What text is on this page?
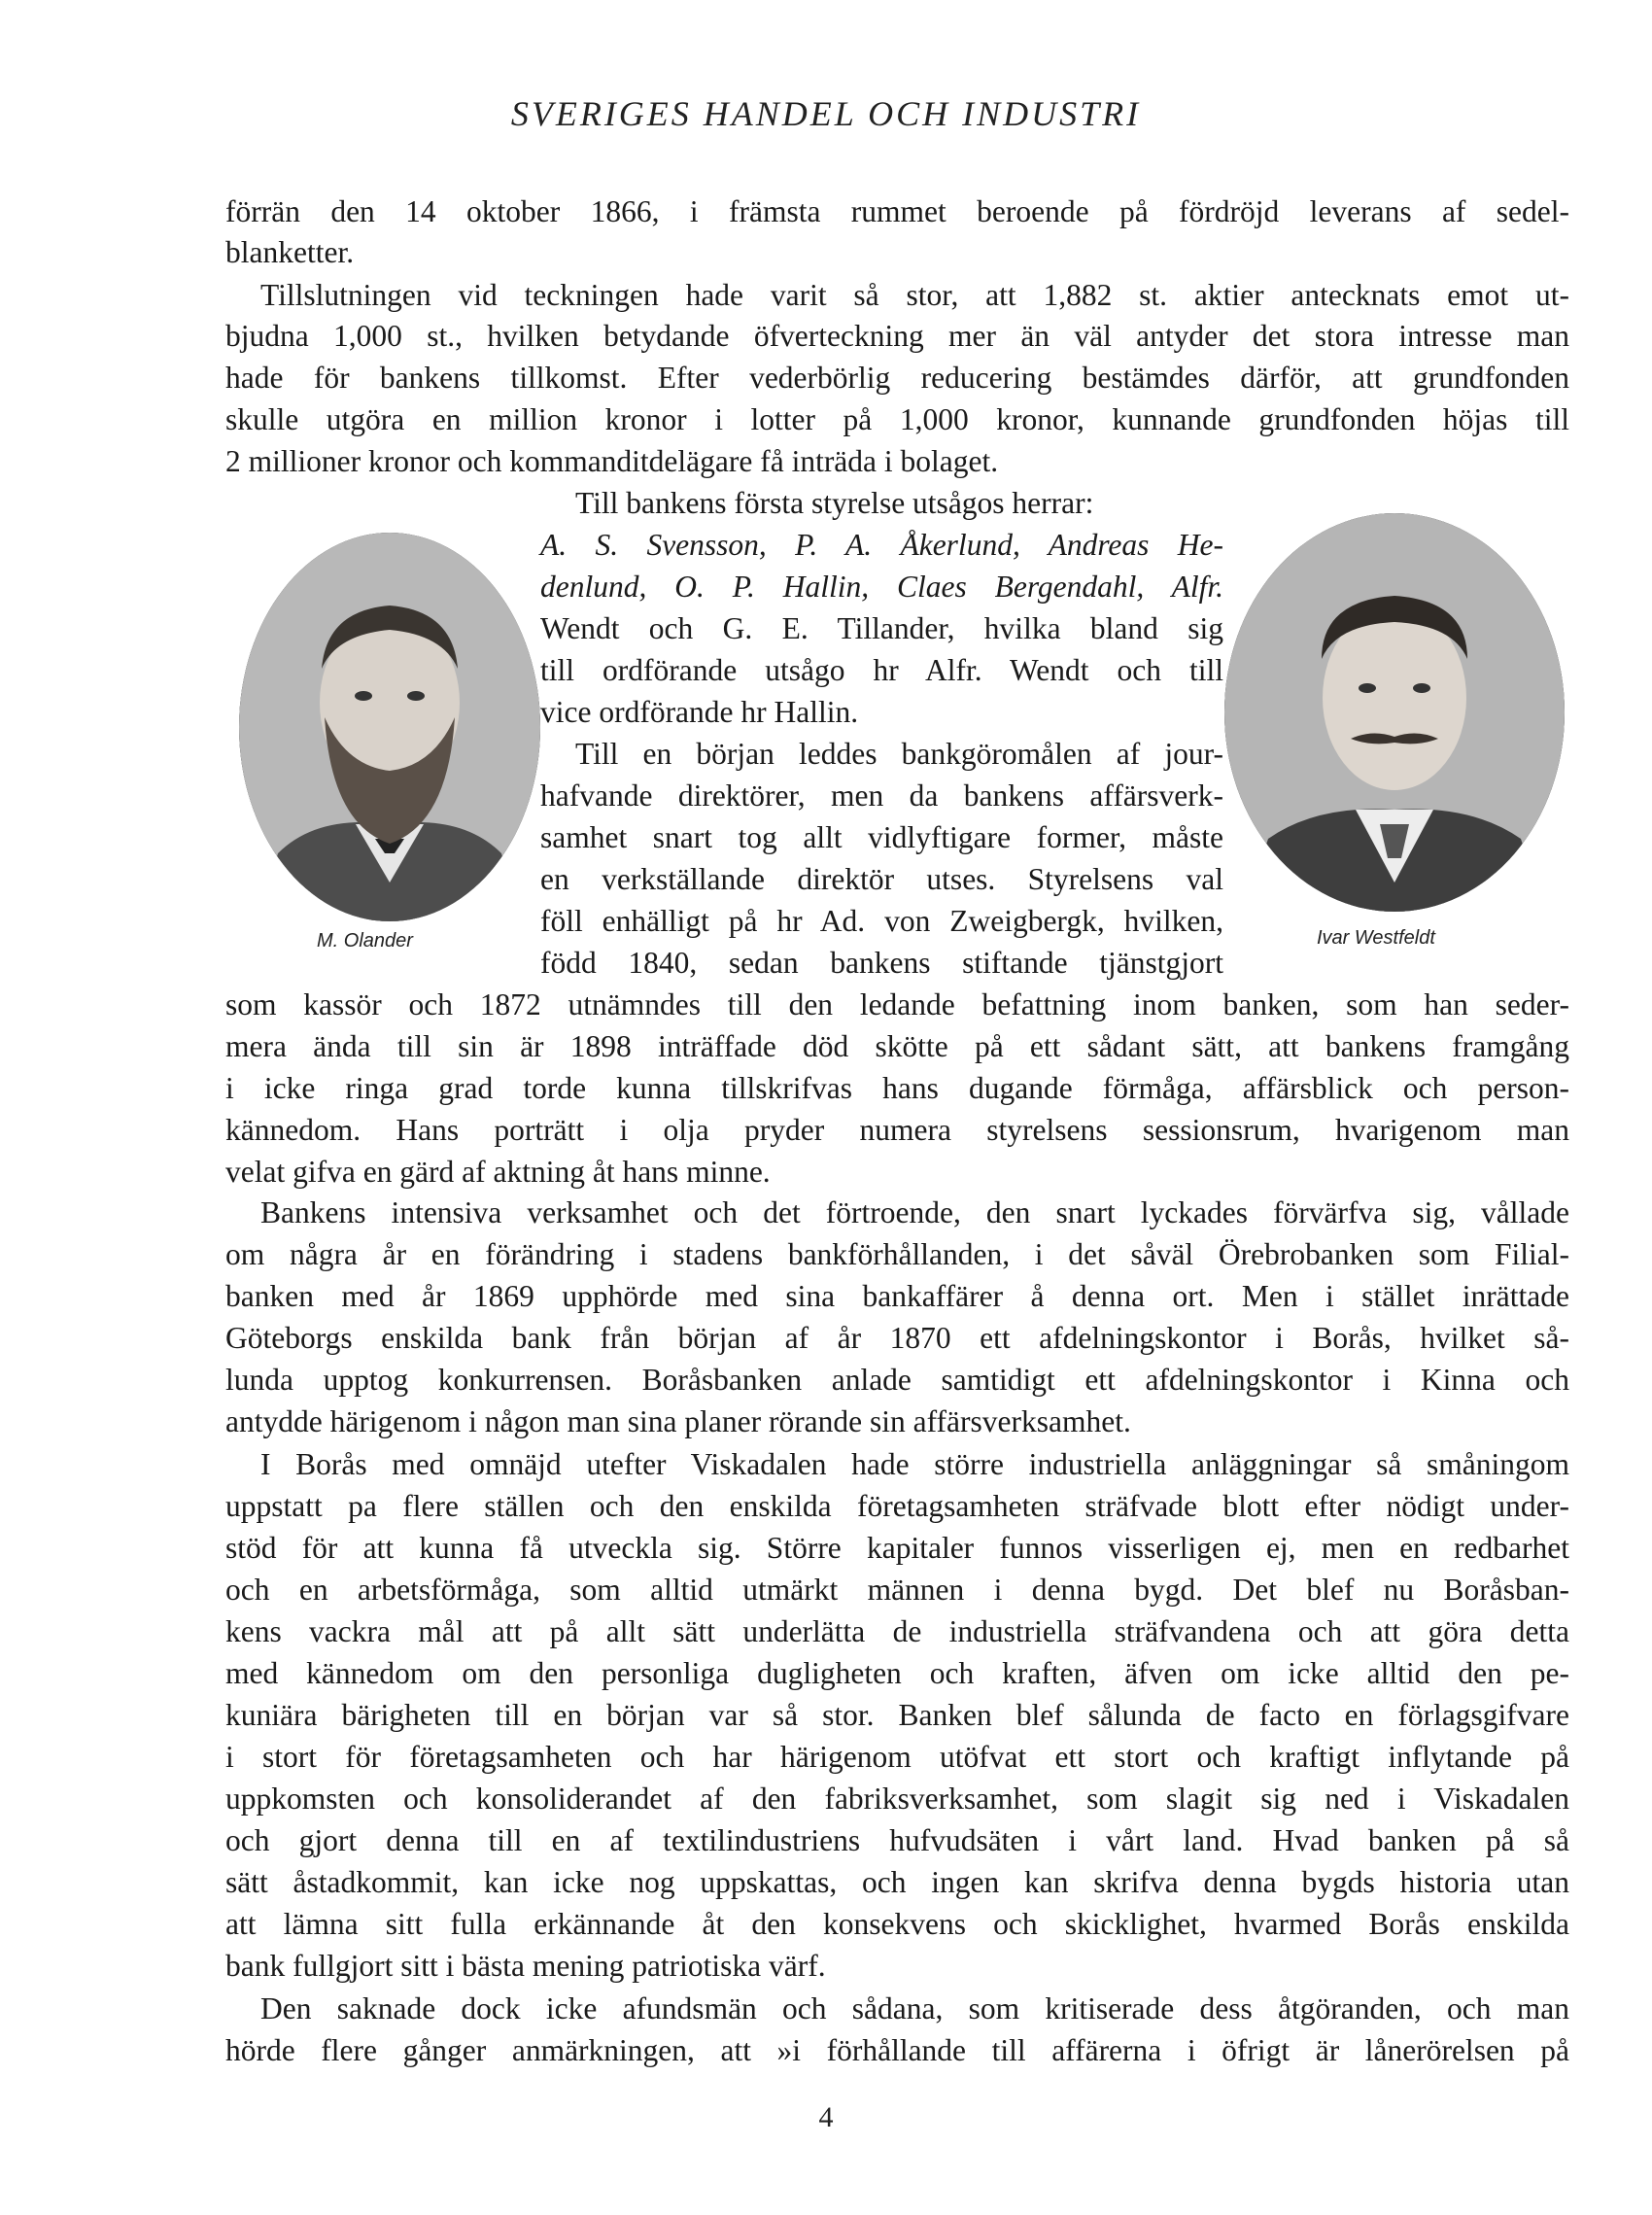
SVERIGES HANDEL OCH INDUSTRI
M. Olander	Ivar Westfeldt
förrän den 14 oktober 1866, i främsta rummet beroende på fördröjd leverans af sedel-
blanketter.
Tillslutningen vid teckningen hade varit så stor, att 1,882 st. aktier antecknats emot ut-
bjudna 1,000 st., hvilken betydande öfverteckning mer än väl antyder det stora intresse man
hade för bankens tillkomst. Efter vederbörlig reducering bestämdes därför, att grundfonden
skulle utgöra en million kronor i lotter på 1,000 kronor, kunnande grundfonden höjas till
2 millioner kronor och kommanditdelägare få inträda i bolaget.
Till bankens första styrelse utsågos herrar:
A. S. Svensson, P. A. Åkerlund, Andreas He-
denlund, O. P. Hallin, Claes Bergendahl, Alfr.
Wendt och G. E. Tillander, hvilka bland sig
till ordförande utsågo hr Alfr. Wendt och till
vice ordförande hr Hallin.
Till en början leddes bankgöromålen af jour-
hafvande direktörer, men da bankens affärsverk-
samhet snart tog allt vidlyftigare former, måste
en verkställande direktör utses. Styrelsens val
föll enhälligt på hr Ad. von Zweigbergk, hvilken,
född 1840, sedan bankens stiftande tjänstgjort
som kassör och 1872 utnämndes till den ledande befattning inom banken, som han seder-
mera ända till sin är 1898 inträffade död skötte på ett sådant sätt, att bankens framgång
i icke ringa grad torde kunna tillskrifvas hans dugande förmåga, affärsblick och person-
kännedom. Hans porträtt i olja pryder numera styrelsens sessionsrum, hvarigenom man
velat gifva en gärd af aktning åt hans minne.
Bankens intensiva verksamhet och det förtroende, den snart lyckades förvärfva sig, vållade
om några år en förändring i stadens bankförhållanden, i det såväl Örebrobanken som Filial-
banken med år 1869 upphörde med sina bankaffärer å denna ort. Men i stället inrättade
Göteborgs enskilda bank från början af år 1870 ett afdelningskontor i Borås, hvilket så-
lunda upptog konkurrensen. Boråsbanken anlade samtidigt ett afdelningskontor i Kinna och
antydde härigenom i någon man sina planer rörande sin affärsverksamhet.
I Borås med omnäjd utefter Viskadalen hade större industriella anläggningar så småningom
uppstatt pa flere ställen och den enskilda företagsamheten sträfvade blott efter nödigt under-
stöd för att kunna få utveckla sig. Större kapitaler funnos visserligen ej, men en redbarhet
och en arbetsförmåga, som alltid utmärkt männen i denna bygd. Det blef nu Boråsban-
kens vackra mål att på allt sätt underlätta de industriella sträfvandena och att göra detta
med kännedom om den personliga dugligheten och kraften, äfven om icke alltid den pe-
kuniära bärigheten till en början var så stor. Banken blef sålunda de facto en förlagsgifvare
i stort för företagsamheten och har härigenom utöfvat ett stort och kraftigt inflytande på
uppkomsten och konsoliderandet af den fabriksverksamhet, som slagit sig ned i Viskadalen
och gjort denna till en af textilindustriens hufvudsäten i vårt land. Hvad banken på så
sätt åstadkommit, kan icke nog uppskattas, och ingen kan skrifva denna bygds historia utan
att lämna sitt fulla erkännande åt den konsekvens och skicklighet, hvarmed Borås enskilda
bank fullgjort sitt i bästa mening patriotiska värf.
Den saknade dock icke afundsmän och sådana, som kritiserade dess åtgöranden, och man
hörde flere gånger anmärkningen, att »i förhållande till affärerna i öfrigt är lånerörelsen på
4
